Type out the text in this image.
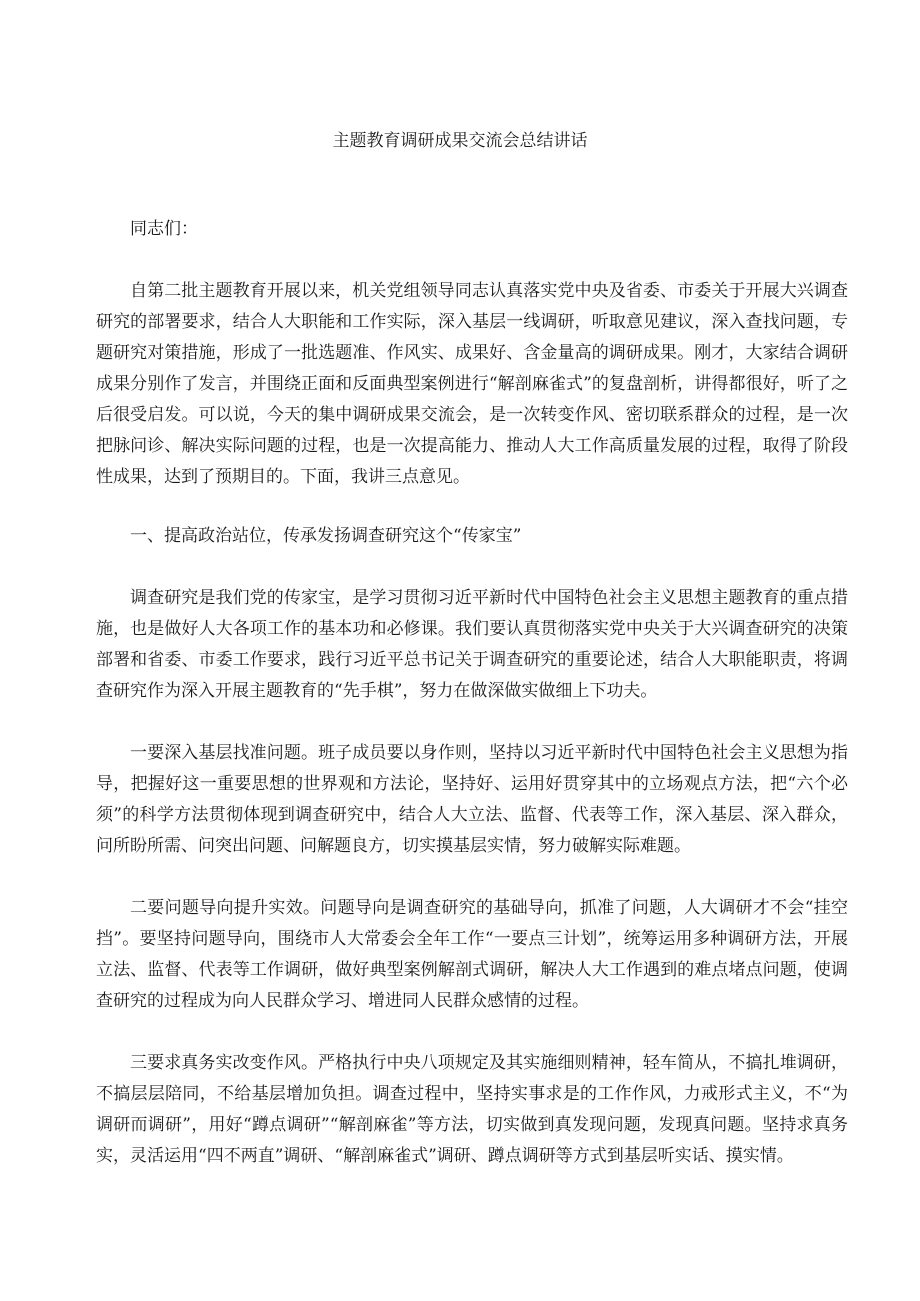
主题教育调研成果交流会总结讲话

同志们：

自第二批主题教育开展以来，机关党组领导同志认真落实党中央及省委、市委关于开展大兴调查研究的部署要求，结合人大职能和工作实际，深入基层一线调研，听取意见建议，深入查找问题，专题研究对策措施，形成了一批选题准、作风实、成果好、含金量高的调研成果。刚才，大家结合调研成果分别作了发言，并围绕正面和反面典型案例进行“解剖麻雀式”的复盘剖析，讲得都很好，听了之后很受启发。可以说，今天的集中调研成果交流会，是一次转变作风、密切联系群众的过程，是一次把脉问诊、解决实际问题的过程，也是一次提高能力、推动人大工作高质量发展的过程，取得了阶段性成果，达到了预期目的。下面，我讲三点意见。

一、提高政治站位，传承发扬调查研究这个“传家宝”

调查研究是我们党的传家宝，是学习贯彻习近平新时代中国特色社会主义思想主题教育的重点措施，也是做好人大各项工作的基本功和必修课。我们要认真贯彻落实党中央关于大兴调查研究的决策部署和省委、市委工作要求，践行习近平总书记关于调查研究的重要论述，结合人大职能职责，将调查研究作为深入开展主题教育的“先手棋”，努力在做深做实做细上下功夫。

一要深入基层找准问题。班子成员要以身作则，坚持以习近平新时代中国特色社会主义思想为指导，把握好这一重要思想的世界观和方法论，坚持好、运用好贯穿其中的立场观点方法，把“六个必须”的科学方法贯彻体现到调查研究中，结合人大立法、监督、代表等工作，深入基层、深入群众，问所盼所需、问突出问题、问解题良方，切实摸基层实情，努力破解实际难题。

二要问题导向提升实效。问题导向是调查研究的基础导向，抓准了问题，人大调研才不会“挂空挡”。要坚持问题导向，围绕市人大常委会全年工作“一要点三计划”，统筹运用多种调研方法，开展立法、监督、代表等工作调研，做好典型案例解剖式调研，解决人大工作遇到的难点堵点问题，使调查研究的过程成为向人民群众学习、增进同人民群众感情的过程。

三要求真务实改变作风。严格执行中央八项规定及其实施细则精神，轻车简从，不搞扎堆调研，不搞层层陪同，不给基层增加负担。调查过程中，坚持实事求是的工作作风，力戒形式主义，不“为调研而调研”，用好“蹲点调研”“解剖麻雀”等方法，切实做到真发现问题，发现真问题。坚持求真务实，灵活运用“四不两直”调研、“解剖麻雀式”调研、蹲点调研等方式到基层听实话、摸实情。
